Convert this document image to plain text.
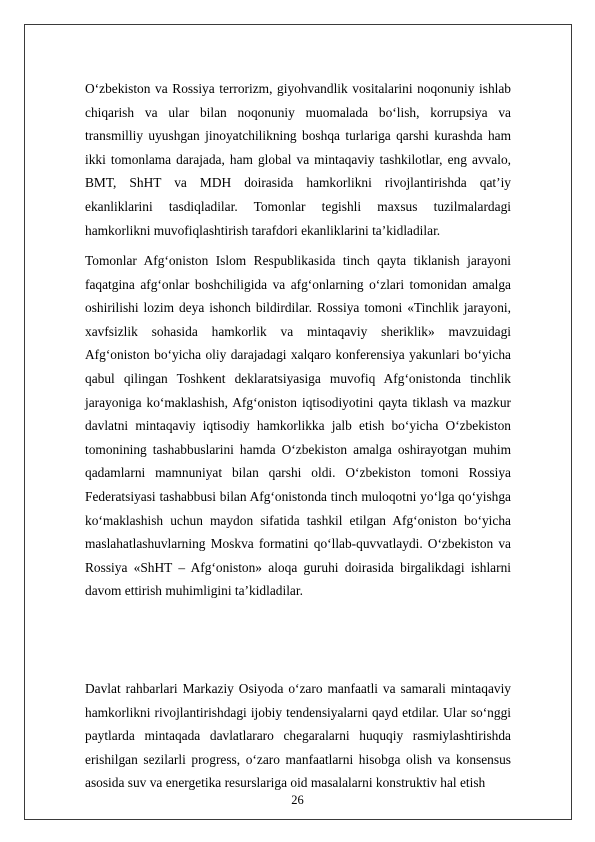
O‘zbekiston va Rossiya terrorizm, giyohvandlik vositalarini noqonuniy ishlab chiqarish va ular bilan noqonuniy muomalada bo‘lish, korrupsiya va transmilliy uyushgan jinoyatchilikning boshqa turlariga qarshi kurashda ham ikki tomonlama darajada, ham global va mintaqaviy tashkilotlar, eng avvalo, BMT, ShHT va MDH doirasida hamkorlikni rivojlantirishda qat’iy ekanliklarini tasdiqladilar. Tomonlar tegishli maxsus tuzilmalardagi hamkorlikni muvofiqlashtirish tarafdori ekanliklarini ta’kidladilar.

Tomonlar Afg‘oniston Islom Respublikasida tinch qayta tiklanish jarayoni faqatgina afg‘onlar boshchiligida va afg‘onlarning o‘zlari tomonidan amalga oshirilishi lozim deya ishonch bildirdilar. Rossiya tomoni «Tinchlik jarayoni, xavfsizlik sohasida hamkorlik va mintaqaviy sheriklik» mavzuidagi Afg‘oniston bo‘yicha oliy darajadagi xalqaro konferensiya yakunlari bo‘yicha qabul qilingan Toshkent deklaratsiyasiga muvofiq Afg‘onistonda tinchlik jarayoniga ko‘maklashish, Afg‘oniston iqtisodiyotini qayta tiklash va mazkur davlatni mintaqaviy iqtisodiy hamkorlikka jalb etish bo‘yicha O‘zbekiston tomonining tashabbuslarini hamda O‘zbekiston amalga oshirayotgan muhim qadamlarni mamnuniyat bilan qarshi oldi. O‘zbekiston tomoni Rossiya Federatsiyasi tashabbusi bilan Afg‘onistonda tinch muloqotni yo‘lga qo‘yishga ko‘maklashish uchun maydon sifatida tashkil etilgan Afg‘oniston bo‘yicha maslahatlashuvlarning Moskva formatini qo‘llab-quvvatlaydi. O‘zbekiston va Rossiya «ShHT – Afg‘oniston» aloqa guruhi doirasida birgalikdagi ishlarni davom ettirish muhimligini ta’kidladilar.

Davlat rahbarlari Markaziy Osiyoda o‘zaro manfaatli va samarali mintaqaviy hamkorlikni rivojlantirishdagi ijobiy tendensiyalarni qayd etdilar. Ular so‘nggi paytlarda mintaqada davlatlararo chegaralarni huquqiy rasmiylashtirishda erishilgan sezilarli progress, o‘zaro manfaatlarni hisobga olish va konsensus asosida suv va energetika resurslariga oid masalalarni konstruktiv hal etish

26
